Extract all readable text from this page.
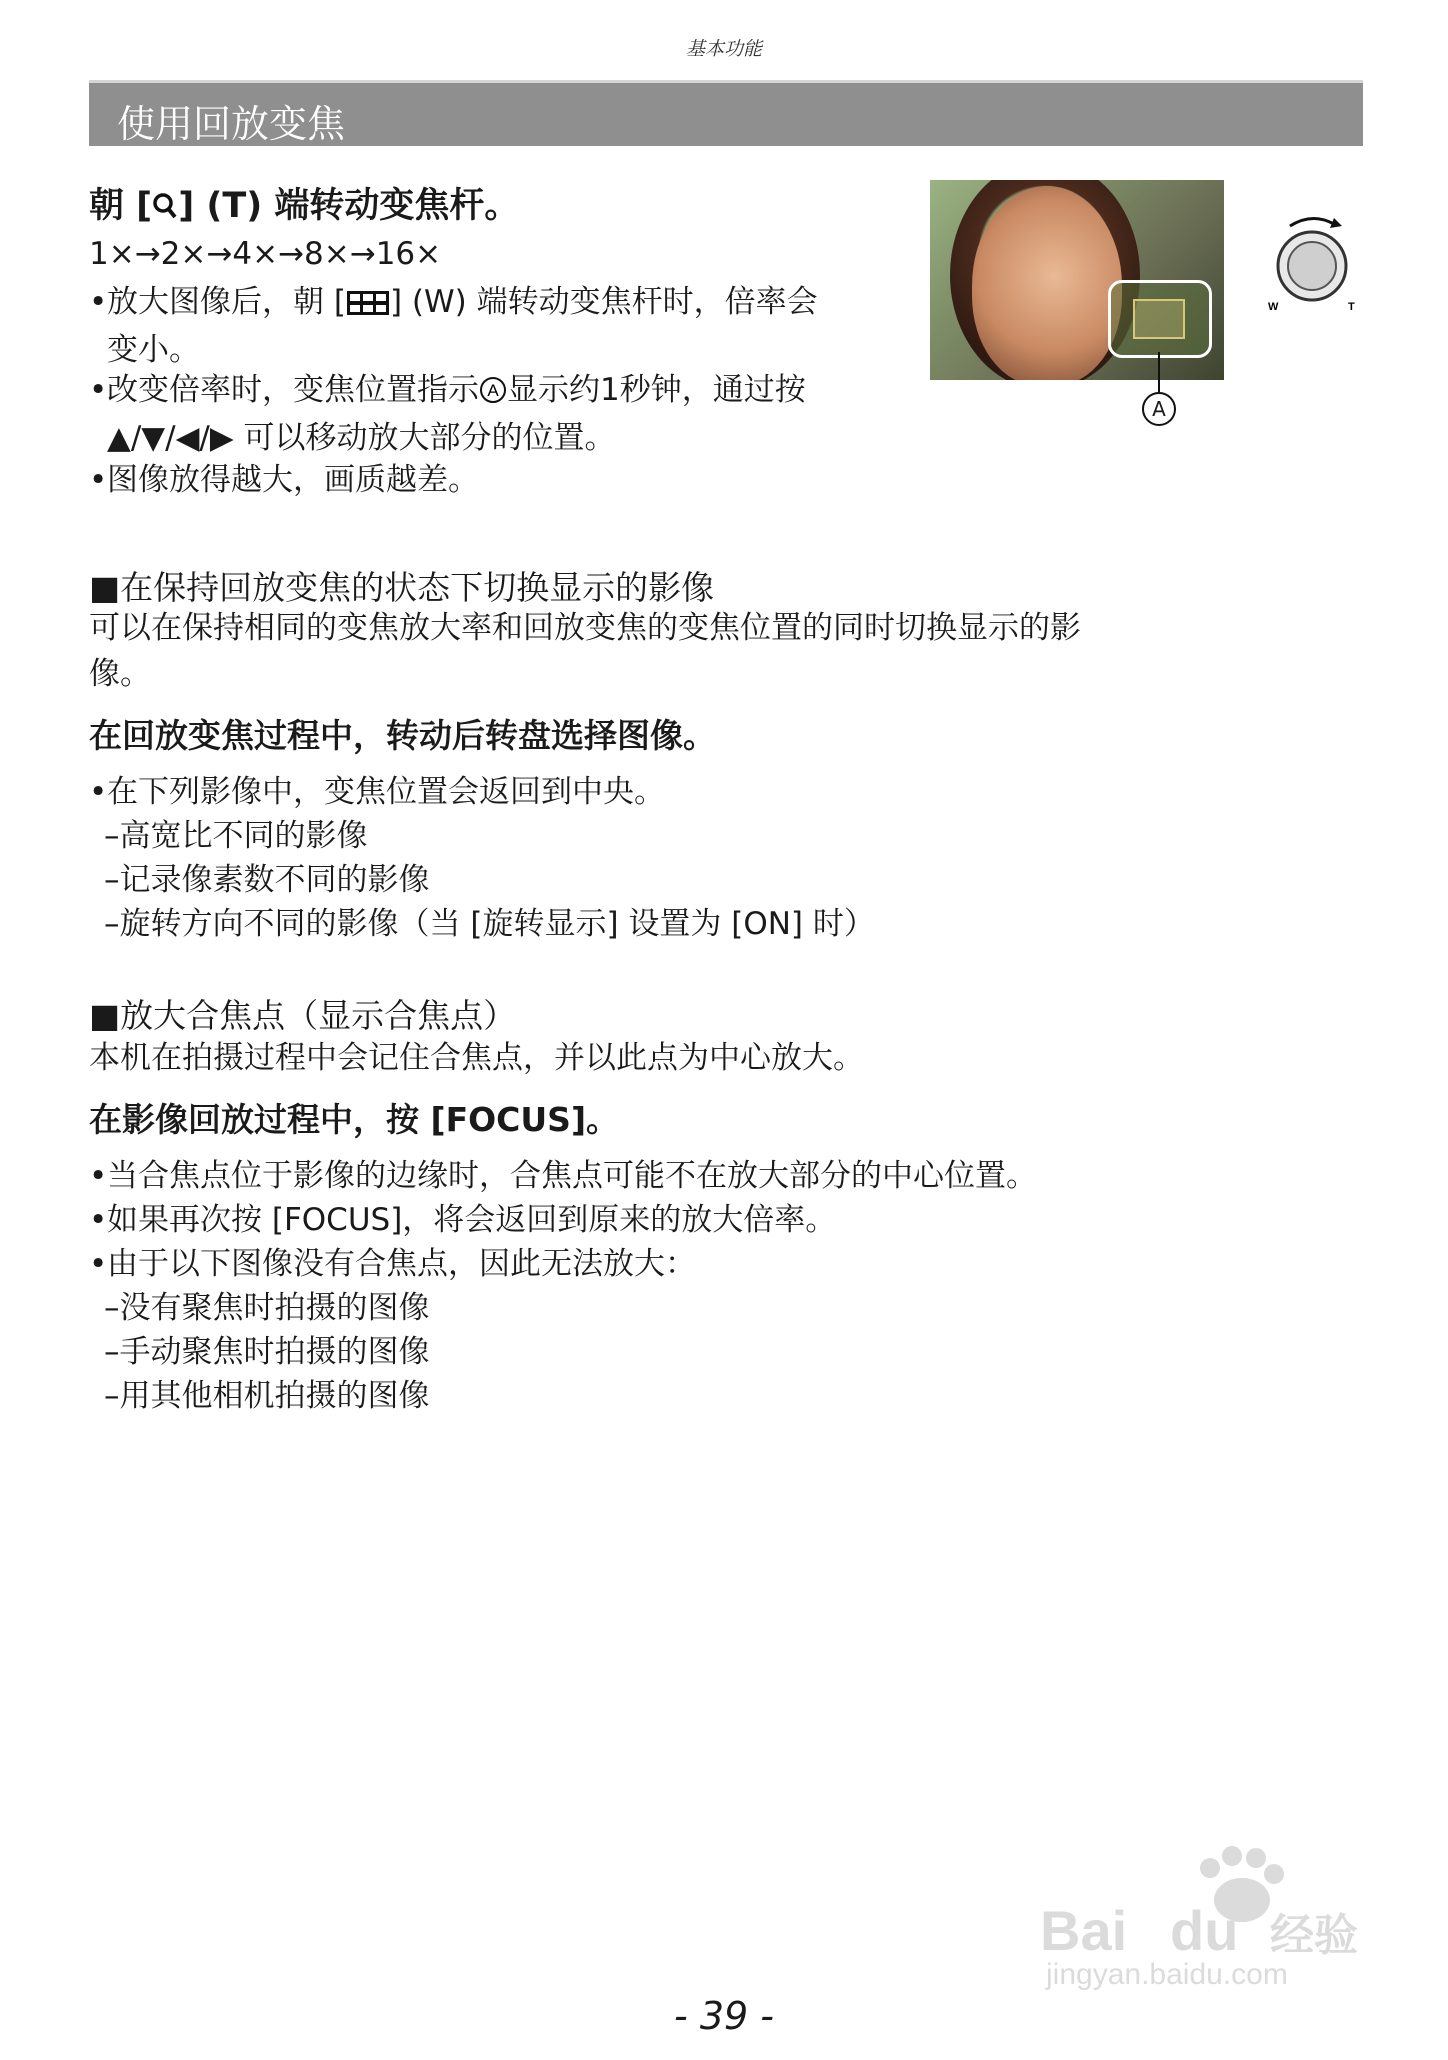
基本功能
使用回放变焦
朝 [ ] (T) 端转动变焦杆。
1×→2×→4×→8×→16×
• 放大图像后，朝 [ ] (W) 端转动变焦杆时，倍率会
变小。
• 改变倍率时，变焦位置指示 A 显示约1秒钟，通过按
▲/▼/◀/▶ 可以移动放大部分的位置。
• 图像放得越大，画质越差。
A
W	T
■在保持回放变焦的状态下切换显示的影像
可以在保持相同的变焦放大率和回放变焦的变焦位置的同时切换显示的影
像。
在回放变焦过程中，转动后转盘选择图像。
• 在下列影像中，变焦位置会返回到中央。
–高宽比不同的影像
–记录像素数不同的影像
–旋转方向不同的影像（当 [旋转显示] 设置为 [ON] 时）
■放大合焦点（显示合焦点）
本机在拍摄过程中会记住合焦点，并以此点为中心放大。
在影像回放过程中，按 [FOCUS]。
• 当合焦点位于影像的边缘时，合焦点可能不在放大部分的中心位置。
• 如果再次按 [FOCUS]，将会返回到原来的放大倍率。
• 由于以下图像没有合焦点，因此无法放大：
–没有聚焦时拍摄的图像
–手动聚焦时拍摄的图像
–用其他相机拍摄的图像
Bai du 经验
jingyan.baidu.com
- 39 -
